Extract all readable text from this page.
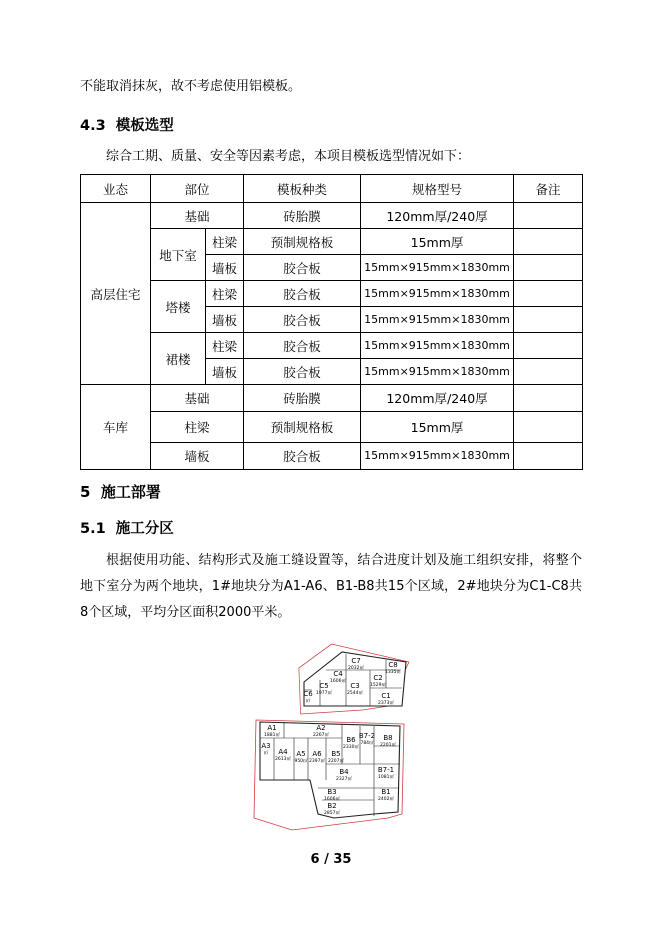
不能取消抹灰，故不考虑使用铝模板。
4.3 模板选型
综合工期、质量、安全等因素考虑，本项目模板选型情况如下：
业态	部位		模板种类	规格型号	备注
高层住宅	基础		砖胎膜	120mm厚/240厚	
	地下室	柱梁	预制规格板	15mm厚	
		墙板	胶合板	15mm×915mm×1830mm	
	塔楼	柱梁	胶合板	15mm×915mm×1830mm	
		墙板	胶合板	15mm×915mm×1830mm	
	裙楼	柱梁	胶合板	15mm×915mm×1830mm	
		墙板	胶合板	15mm×915mm×1830mm	
车库	基础		砖胎膜	120mm厚/240厚	
	柱梁		预制规格板	15mm厚	
	墙板		胶合板	15mm×915mm×1830mm	
5 施工部署
5.1 施工分区
根据使用功能、结构形式及施工缝设置等，结合进度计划及施工组织安排，将整个地下室分为两个地块，1#地块分为A1-A6、B1-B8共15个区域，2#地块分为C1-C8共8个区域，平均分区面积2000平米。
C7
2032㎡	C8
1335㎡
C4
1606㎡
C5
1977㎡
C3
2544㎡
C2
1529㎡
C1
2373㎡
C6
㎡
A1
1881㎡
A2
2267㎡
A3
㎡ A4
2613㎡
A5
950㎡
A6
2397㎡
B5
2207㎡
B6
2330㎡
B7-2
784㎡
B8
2201㎡
B4
2327㎡
B7-1
1081㎡
B3
1606㎡
B1
2402㎡
B2
2857㎡
6 / 35
